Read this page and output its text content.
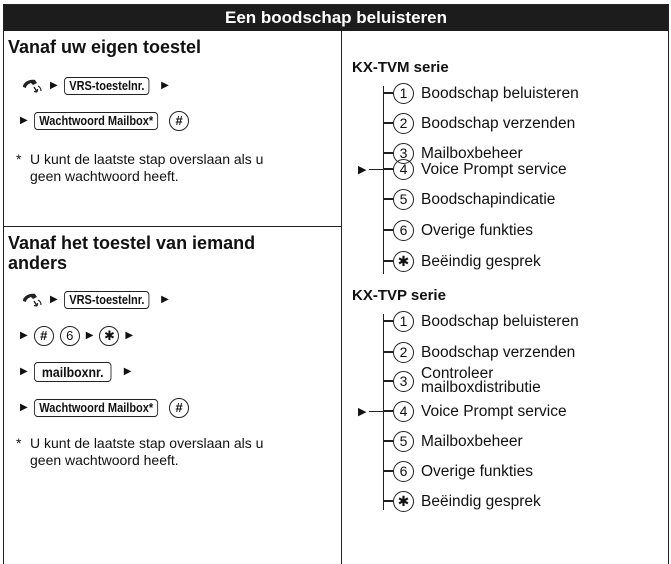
Een boodschap beluisteren
Vanaf uw eigen toestel
▶ VRS-toestelnr.	▶
▶ Wachtwoord Mailbox*	#
* U kunt de laatste stap overslaan als u
geen wachtwoord heeft.
Vanaf het toestel van iemand
anders
▶ VRS-toestelnr.	▶
▶ #	6	▶ ✱	▶
▶ mailboxnr.	▶
▶ Wachtwoord Mailbox*	#
* U kunt de laatste stap overslaan als u
geen wachtwoord heeft.
KX-TVM serie
1 Boodschap beluisteren
2 Boodschap verzenden
3 Mailboxbeheer
▶	4 Voice Prompt service
5 Boodschapindicatie
6 Overige funkties
✱ Beëindig gesprek
KX-TVP serie
1 Boodschap beluisteren
2 Boodschap verzenden
3 Controleer
mailboxdistributie
▶	4 Voice Prompt service
5 Mailboxbeheer
6 Overige funkties
✱ Beëindig gesprek
